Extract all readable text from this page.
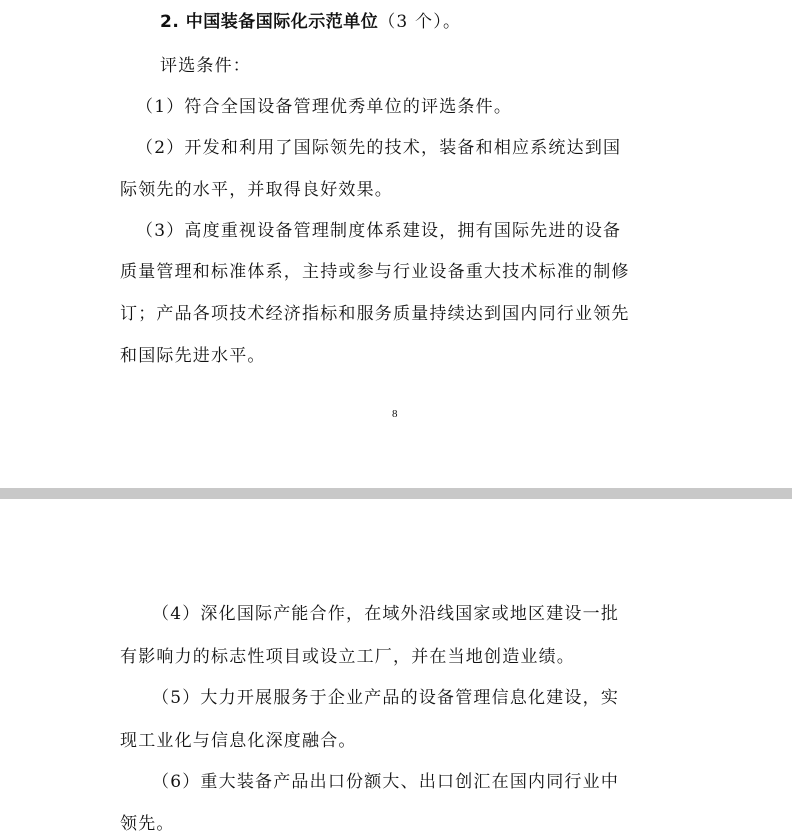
2. 中国装备国际化示范单位（3 个）。
评选条件：
（1）符合全国设备管理优秀单位的评选条件。
（2）开发和利用了国际领先的技术，装备和相应系统达到国
际领先的水平，并取得良好效果。
（3）高度重视设备管理制度体系建设，拥有国际先进的设备
质量管理和标准体系，主持或参与行业设备重大技术标准的制修
订；产品各项技术经济指标和服务质量持续达到国内同行业领先
和国际先进水平。
8
（4）深化国际产能合作，在域外沿线国家或地区建设一批
有影响力的标志性项目或设立工厂，并在当地创造业绩。
（5）大力开展服务于企业产品的设备管理信息化建设，实
现工业化与信息化深度融合。
（6）重大装备产品出口份额大、出口创汇在国内同行业中
领先。
